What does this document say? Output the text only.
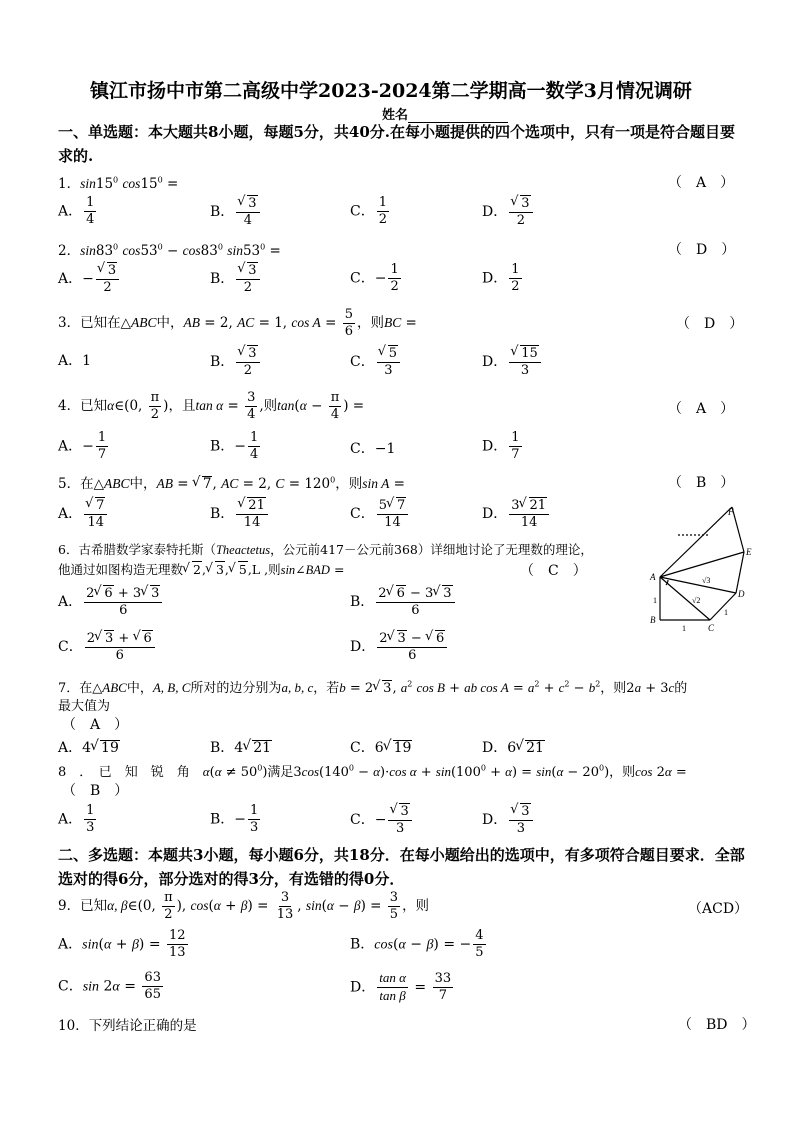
镇江市扬中市第二高级中学2023-2024第二学期高一数学3月情况调研
姓名
一、单选题：本大题共8小题，每题5分，共40分.在每小题提供的四个选项中，只有一项是符合题目要求的.
1．$\sin 15^0$ $\cos 15^0$ =	（　A　）
A． $\frac{1}{4}$	B． √ $\frac{3}{4}$	C． $\frac{1}{2}$	D． √ $\frac{3}{2}$
2．$\sin 83^0$ $\cos 53^0 - \cos 83^0$ $\sin 53^0$ =	（　D　）
A．− √ $\frac{3}{2}$	B． √ $\frac{3}{2}$	C．− $\frac{1}{2}$	D． $\frac{1}{2}$
3．已知在△ABC中，AB = 2, AC = 1, $\cos A = \frac{5}{6}$ ，则BC =	（　D　）
A．1	B． √ $\frac{3}{2}$	C． √ $\frac{5}{3}$	D． √ $\frac{15}{3}$
4．已知α∈(0, $\frac{\pi}{2}$ )，且$\tan \alpha = \frac{3}{4}$ ,则$\tan(\alpha - \frac{\pi}{4}$ ) =	（　A　）
A．− $\frac{1}{7}$	B．− $\frac{1}{4}$	C．−1	D． $\frac{1}{7}$
5．在△ABC中，AB = √ 7, AC = 2, $C = 120^0$，则sin A =	（　B　）
A． √ $\frac{7}{14}$	B． √ $\frac{21}{14}$	C． $\frac{5 √ 7}{14}$	D． $\frac{3 √ 21}{14}$	F
E
A
D
B
C
√3
√2
1
1
1
6．古希腊数学家泰特托斯（Theactetus，公元前417－公元前368）详细地讨论了无理数的理论，
他通过如图构造无理数 √ 2, √ 3, √ 5,L ,则sin∠BAD =	（　C　）
A． $\frac{2 √ 6 + 3 √ 3}{6}$	B． $\frac{2 √ 6 - 3 √ 3}{6}$
C． $\frac{2 √ 3 + √ 6}{6}$	D． $\frac{2 √ 3 - √ 6}{6}$
7．在△ABC中，A, B, C所对的边分别为a, b, c，若b = 2 √ 3, $a^2$ cos B + ab $\cos A = a^2 + c^2 - b^2$，则2a + 3c的
最大值为
（　A　）
A．4 √ 19	B．4 √ 21	C．6 √ 19	D．6 √ 21
8　．　已　知　锐　角　$\alpha(\alpha \ne 50^0)$满足$3\cos(140^0 - \alpha)\cdot\cos$ $\alpha + \sin(100^0 + \alpha) = \sin(\alpha - 20^0)$，则cos 2α =
（　B　）
A． $\frac{1}{3}$	B．− $\frac{1}{3}$	C．− √ $\frac{3}{3}$	D． √ $\frac{3}{3}$
二、多选题：本题共3小题，每小题6分，共18分．在每小题给出的选项中，有多项符合题目要求．全部选对的得6分，部分选对的得3分，有选错的得0分．
9．已知α, β∈(0, $\frac{\pi}{2}$ ), $\cos(\alpha + \beta) = \frac{3}{13}$ , $\sin(\alpha - \beta) = \frac{3}{5}$ ，则	（ACD）
A．$\sin(\alpha + \beta) = \frac{12}{13}$	B．cos(α − β) = − $\frac{4}{5}$
C．$\sin 2\alpha = \frac{63}{65}$	D． $\frac{\text{tan α}}{\text{tan β}} = \frac{33}{7}$
10．下列结论正确的是	（　BD　）
